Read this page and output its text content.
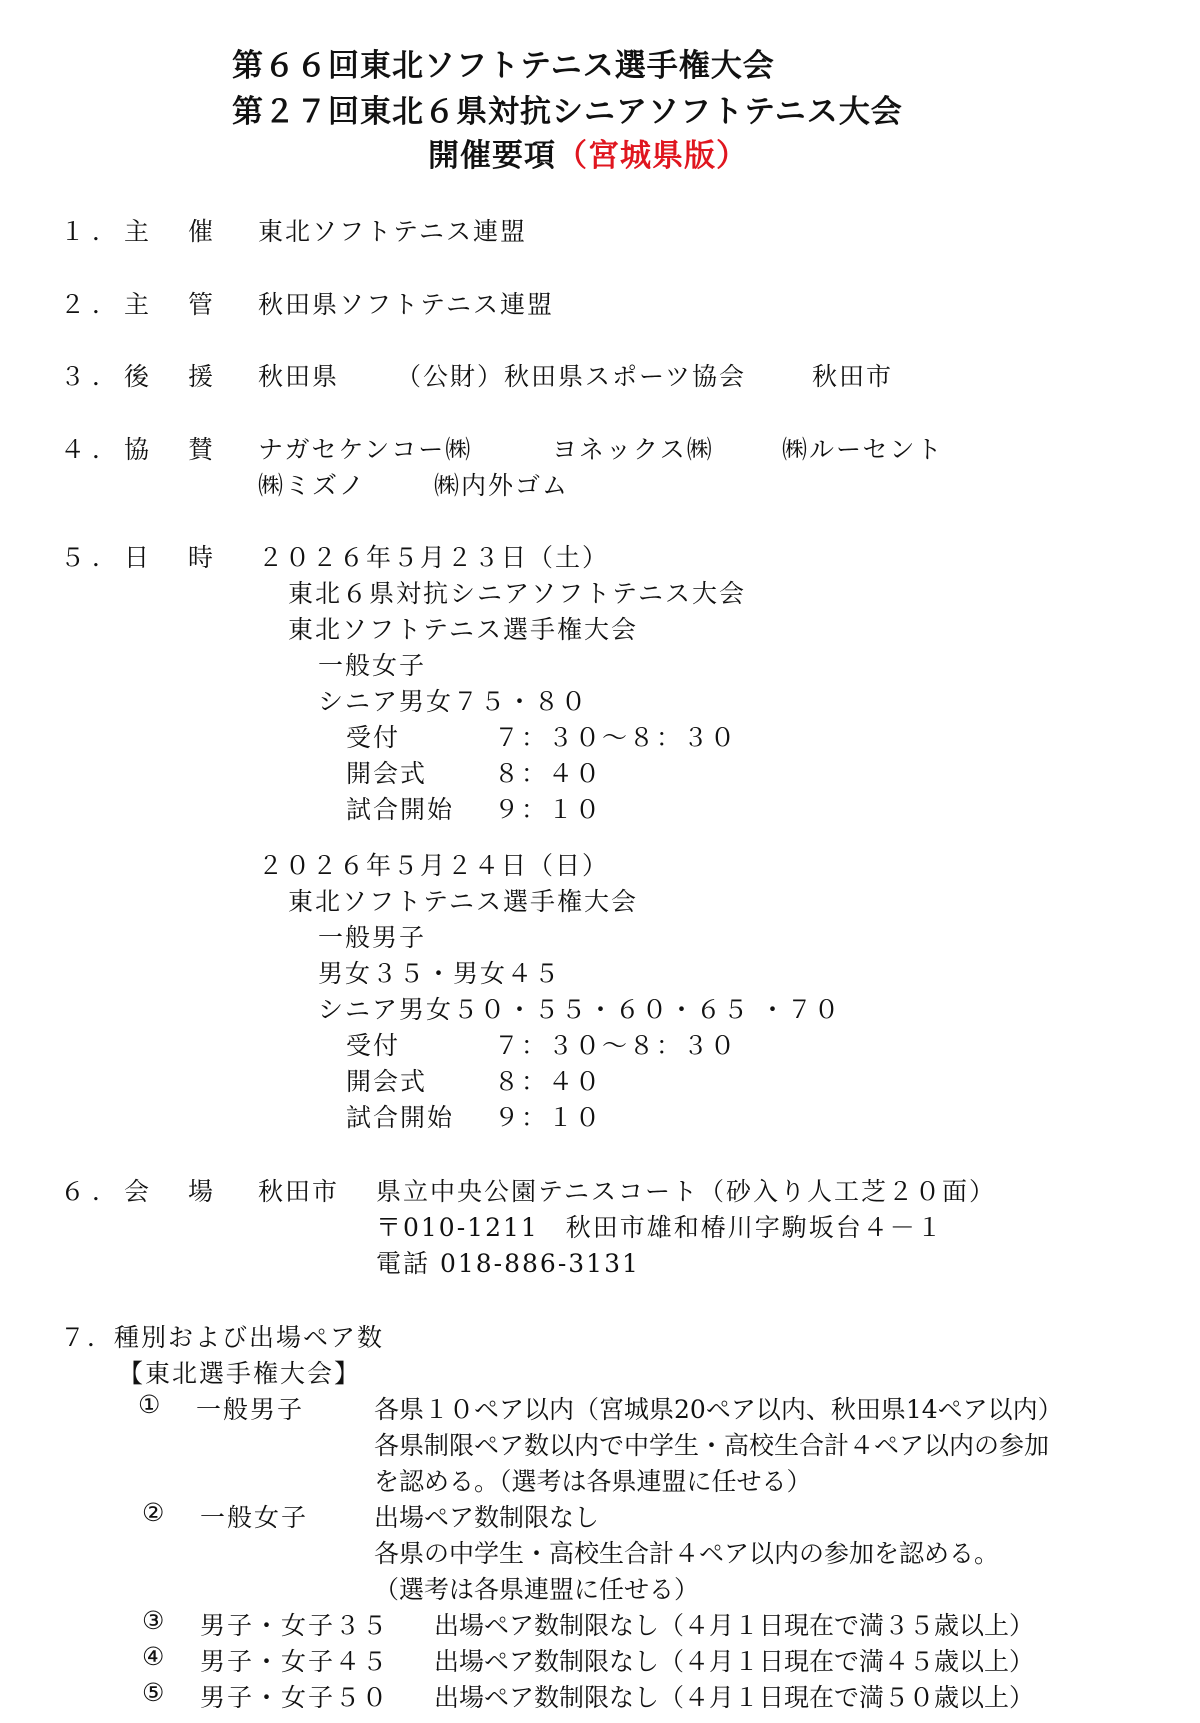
第６６回東北ソフトテニス選手権大会
第２７回東北６県対抗シニアソフトテニス大会
開催要項（宮城県版）
１．主　催 東北ソフトテニス連盟
２．主　管 秋田県ソフトテニス連盟
３．後　援 秋田県 （公財）秋田県スポーツ協会	秋田市
４．協　賛 ナガセケンコー㈱	ヨネックス㈱	㈱ルーセント
㈱ミズノ	㈱内外ゴム
５．日　時 ２０２６年５月２３日（土）
東北６県対抗シニアソフトテニス大会
東北ソフトテニス選手権大会
一般女子
シニア男女７５・８０
受付	７：３０～８：３０
開会式	８：４０
試合開始 ９：１０
２０２６年５月２４日（日）
東北ソフトテニス選手権大会
一般男子
男女３５・男女４５
シニア男女５０・５５・６０・６５ ・７０
受付	７：３０～８：３０
開会式	８：４０
試合開始 ９：１０
６．会　場 秋田市 県立中央公園テニスコート（砂入り人工芝２０面）
〒010-1211　秋田市雄和椿川字駒坂台４－１
電話 018-886-3131
７．種別および出場ペア数
【東北選手権大会】
① 一般男子	各県１０ペア以内（宮城県20ペア以内、秋田県14ペア以内）
各県制限ペア数以内で中学生・高校生合計４ペア以内の参加
を認める。（選考は各県連盟に任せる）
② 一般女子	出場ペア数制限なし
各県の中学生・高校生合計４ペア以内の参加を認める。
（選考は各県連盟に任せる）
③ 男子・女子３５ 出場ペア数制限なし（４月１日現在で満３５歳以上）
④ 男子・女子４５ 出場ペア数制限なし（４月１日現在で満４５歳以上）
⑤ 男子・女子５０ 出場ペア数制限なし（４月１日現在で満５０歳以上）
